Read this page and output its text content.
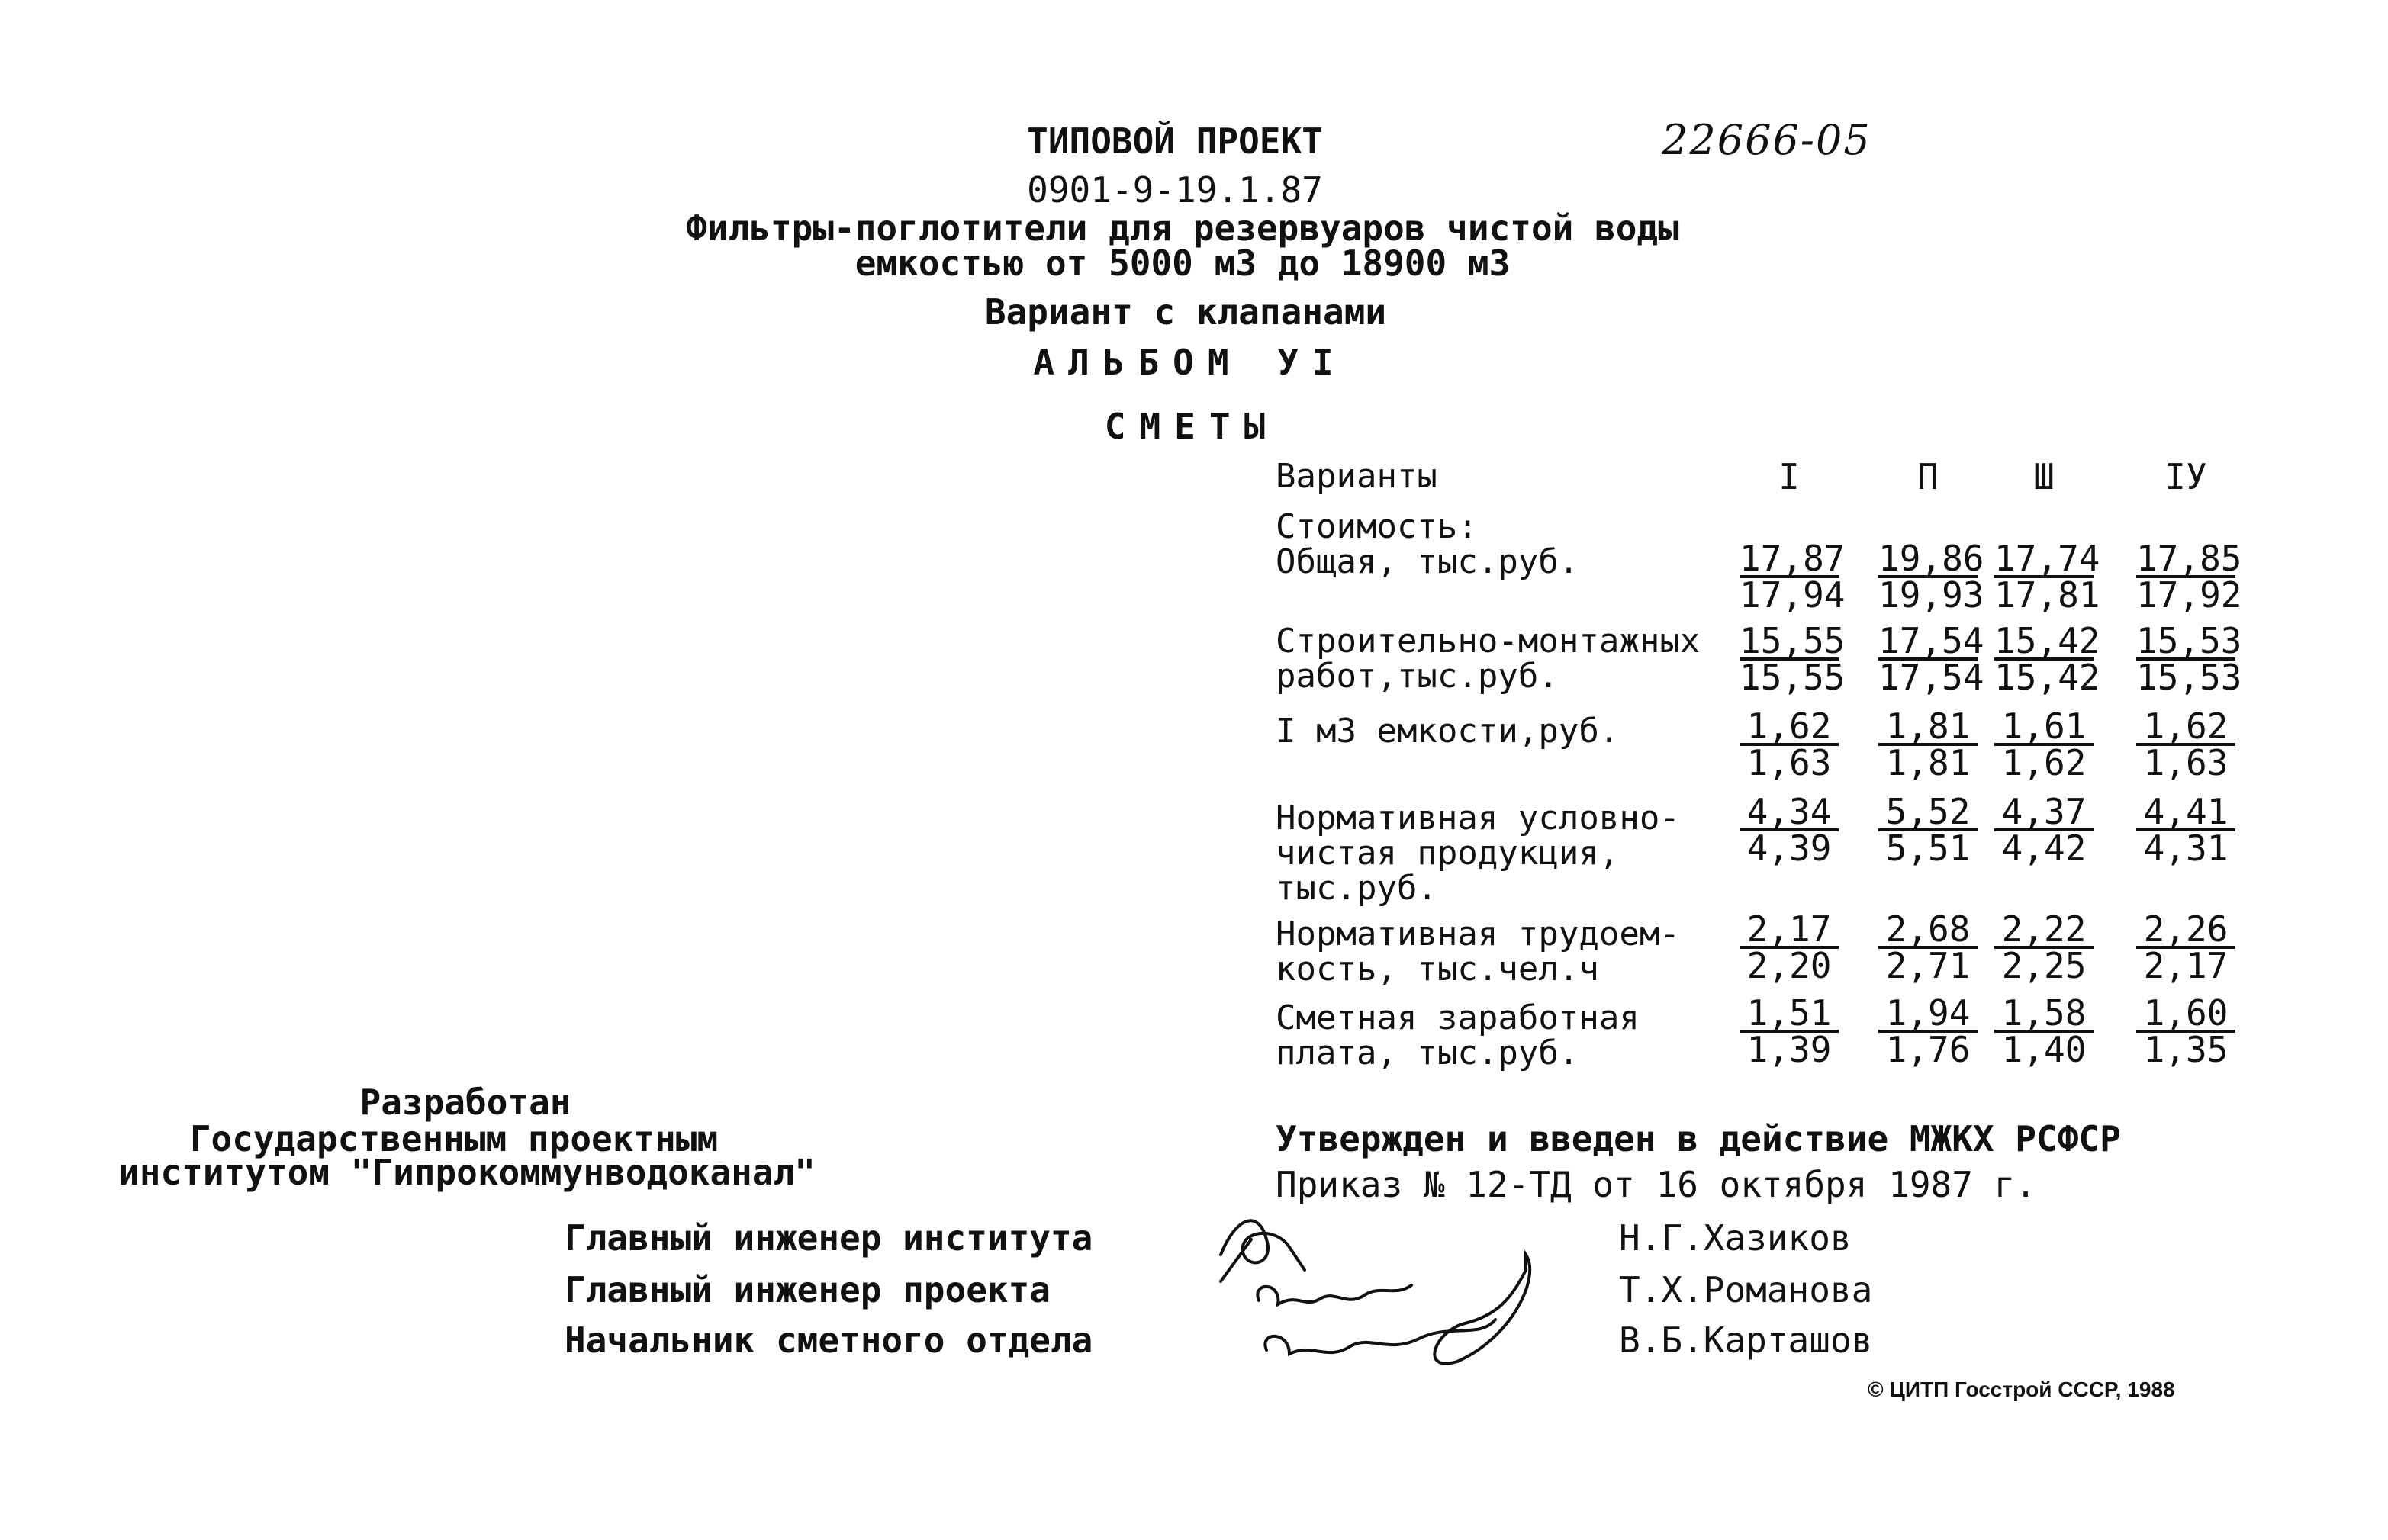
ТИПОВОЙ ПРОЕКТ	22666-05
0901-9-19.1.87
Фильтры-поглотители для резервуаров чистой воды
емкостью от 5000 м3 до 18900 м3
Вариант с клапанами
АЛЬБОМ УI
СМЕТЫ
Варианты	I	П	Ш	IУ
Стоимость:
Общая, тыс.руб.	$\frac{17,87}{17,94} \frac{19,86}{19,93} \frac{17,74}{17,81} \frac{17,85}{17,92}$
Строительно-монтажных
работ,тыс.руб.	$\frac{15,55}{15,55} \frac{17,54}{17,54} \frac{15,42}{15,42} \frac{15,53}{15,53}$
I м3 емкости,руб.	$\frac{1,62}{1,63} \frac{1,81}{1,81} \frac{1,61}{1,62} \frac{1,62}{1,63}$
Нормативная условно-
чистая продукция,
тыс.руб.
$\frac{4,34}{4,39} \frac{5,52}{5,51} \frac{4,37}{4,42} \frac{4,41}{4,31}$
Нормативная трудоем-
кость, тыс.чел.ч	$\frac{2,17}{2,20} \frac{2,68}{2,71} \frac{2,22}{2,25} \frac{2,26}{2,17}$
Сметная заработная
плата, тыс.руб.	$\frac{1,51}{1,39} \frac{1,94}{1,76} \frac{1,58}{1,40} \frac{1,60}{1,35}$
Разработан
Государственным проектным
институтом "Гипрокоммунводоканал"
Утвержден и введен в действие МЖКХ РСФСР
Приказ № 12-ТД от 16 октября 1987 г.
Главный инженер института
Главный инженер проекта
Начальник сметного отдела
Н.Г.Хазиков
Т.Х.Романова
В.Б.Карташов
© ЦИТП Госстрой СССР, 1988
